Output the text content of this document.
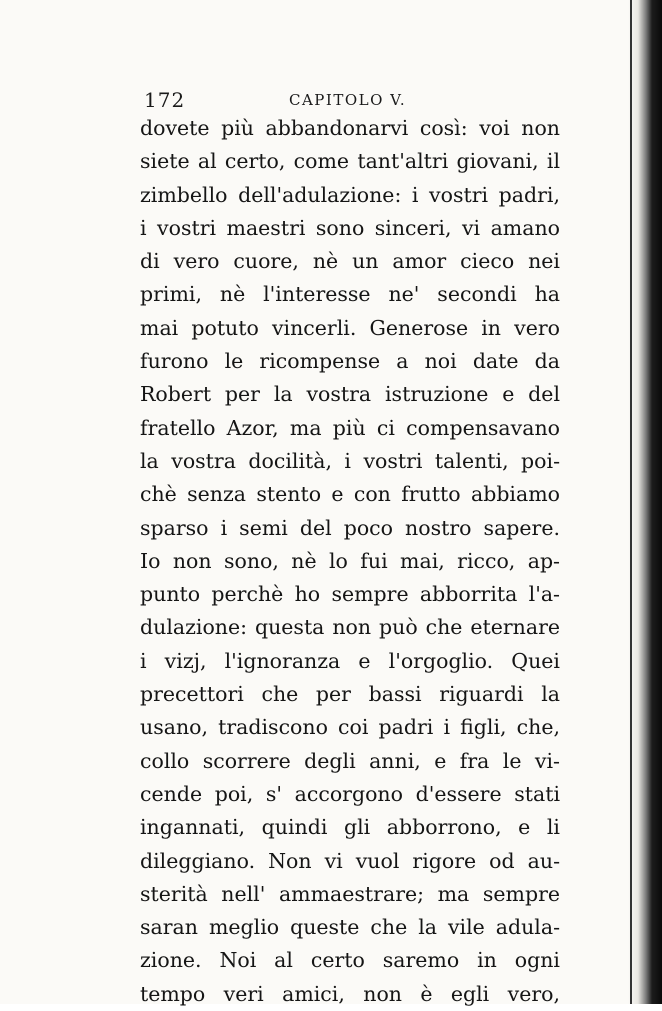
172	CAPITOLO V.
dovete più abbandonarvi così: voi non
siete al certo, come tant'altri giovani, il
zimbello dell'adulazione: i vostri padri,
i vostri maestri sono sinceri, vi amano
di vero cuore, nè un amor cieco nei
primi, nè l'interesse ne' secondi ha
mai potuto vincerli. Generose in vero
furono le ricompense a noi date da
Robert per la vostra istruzione e del
fratello Azor, ma più ci compensavano
la vostra docilità, i vostri talenti, poi-
chè senza stento e con frutto abbiamo
sparso i semi del poco nostro sapere.
Io non sono, nè lo fui mai, ricco, ap-
punto perchè ho sempre abborrita l'a-
dulazione: questa non può che eternare
i vizj, l'ignoranza e l'orgoglio. Quei
precettori che per bassi riguardi la
usano, tradiscono coi padri i figli, che,
collo scorrere degli anni, e fra le vi-
cende poi, s' accorgono d'essere stati
ingannati, quindi gli abborrono, e li
dileggiano. Non vi vuol rigore od au-
sterità nell' ammaestrare; ma sempre
saran meglio queste che la vile adula-
zione. Noi al certo saremo in ogni
tempo veri amici, non è egli vero,
